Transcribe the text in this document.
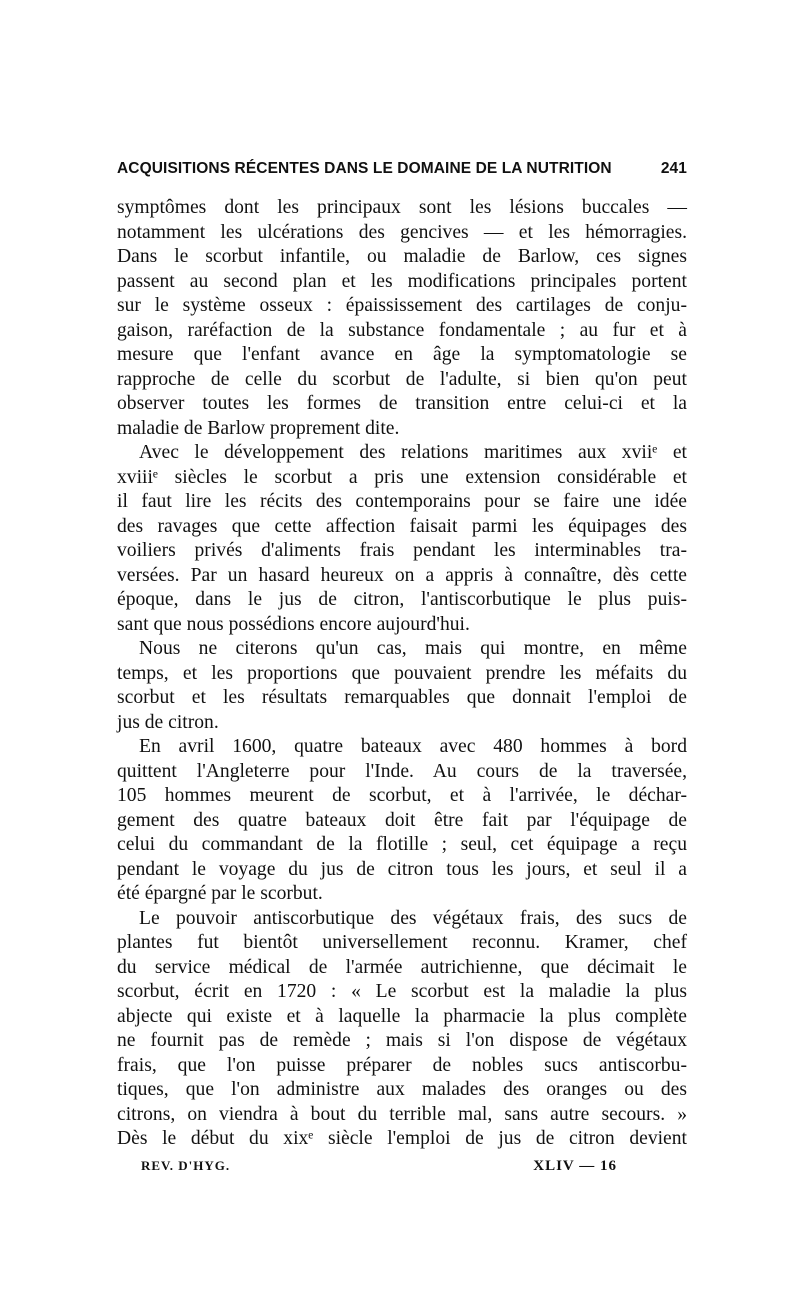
ACQUISITIONS RÉCENTES DANS LE DOMAINE DE LA NUTRITION	241
symptômes dont les principaux sont les lésions buccales —
notamment les ulcérations des gencives — et les hémorragies.
Dans le scorbut infantile, ou maladie de Barlow, ces signes
passent au second plan et les modifications principales portent
sur le système osseux : épaississement des cartilages de conju-
gaison, raréfaction de la substance fondamentale ; au fur et à
mesure que l'enfant avance en âge la symptomatologie se
rapproche de celle du scorbut de l'adulte, si bien qu'on peut
observer toutes les formes de transition entre celui-ci et la
maladie de Barlow proprement dite.
Avec le développement des relations maritimes aux xviiᵉ et
xviiiᵉ siècles le scorbut a pris une extension considérable et
il faut lire les récits des contemporains pour se faire une idée
des ravages que cette affection faisait parmi les équipages des
voiliers privés d'aliments frais pendant les interminables tra-
versées. Par un hasard heureux on a appris à connaître, dès cette
époque, dans le jus de citron, l'antiscorbutique le plus puis-
sant que nous possédions encore aujourd'hui.
Nous ne citerons qu'un cas, mais qui montre, en même
temps, et les proportions que pouvaient prendre les méfaits du
scorbut et les résultats remarquables que donnait l'emploi de
jus de citron.
En avril 1600, quatre bateaux avec 480 hommes à bord
quittent l'Angleterre pour l'Inde. Au cours de la traversée,
105 hommes meurent de scorbut, et à l'arrivée, le déchar-
gement des quatre bateaux doit être fait par l'équipage de
celui du commandant de la flotille ; seul, cet équipage a reçu
pendant le voyage du jus de citron tous les jours, et seul il a
été épargné par le scorbut.
Le pouvoir antiscorbutique des végétaux frais, des sucs de
plantes fut bientôt universellement reconnu. Kramer, chef
du service médical de l'armée autrichienne, que décimait le
scorbut, écrit en 1720 : « Le scorbut est la maladie la plus
abjecte qui existe et à laquelle la pharmacie la plus complète
ne fournit pas de remède ; mais si l'on dispose de végétaux
frais, que l'on puisse préparer de nobles sucs antiscorbu-
tiques, que l'on administre aux malades des oranges ou des
citrons, on viendra à bout du terrible mal, sans autre secours. »
Dès le début du xixᵉ siècle l'emploi de jus de citron devient
REV. D'HYG.	XLIV — 16
